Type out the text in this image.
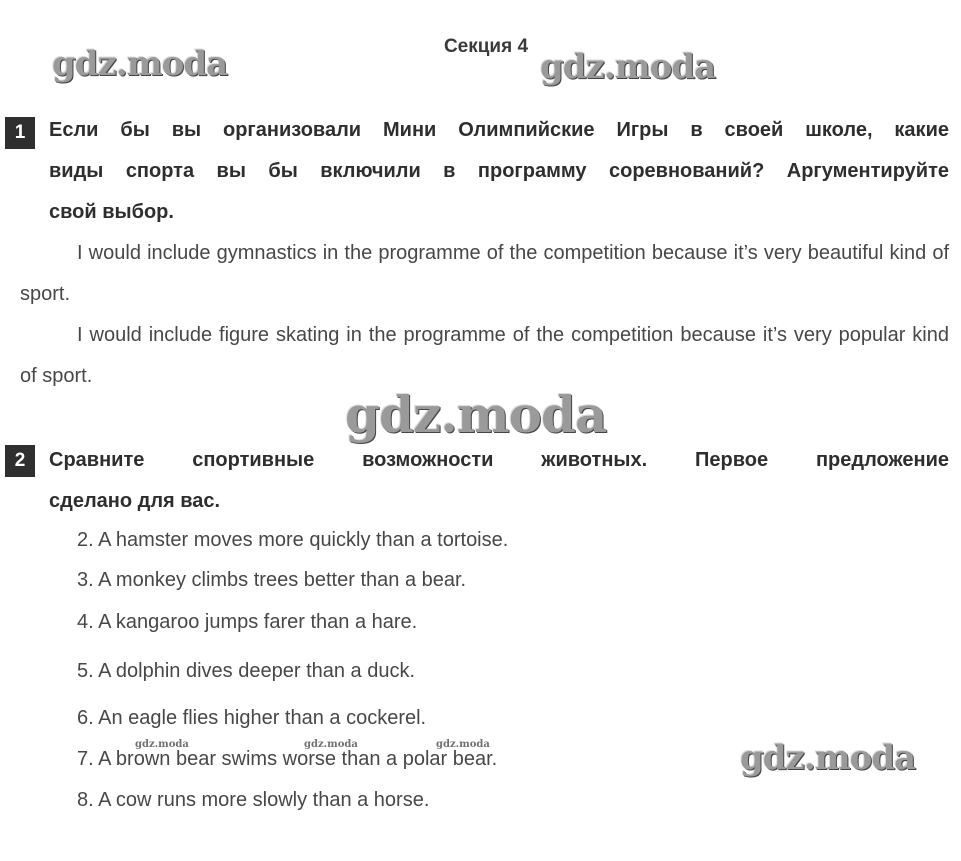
Секция 4
gdz.moda	gdz.moda
gdz.moda
gdz.moda
gdz.moda	gdz.moda	gdz.moda
1	Если бы вы организовали Мини Олимпийские Игры в своей школе, какие
виды спорта вы бы включили в программу соревнований? Аргументируйте
свой выбор.
I would include gymnastics in the programme of the competition because it’s very beautiful kind of sport.
I would include figure skating in the programme of the competition because it’s very popular kind of sport.
2	Сравните спортивные возможности животных. Первое предложение
сделано для вас.
2. A hamster moves more quickly than a tortoise.
3. A monkey climbs trees better than a bear.
4. A kangaroo jumps farer than a hare.
5. A dolphin dives deeper than a duck.
6. An eagle flies higher than a cockerel.
7. A brown bear swims worse than a polar bear.
8. A cow runs more slowly than a horse.
